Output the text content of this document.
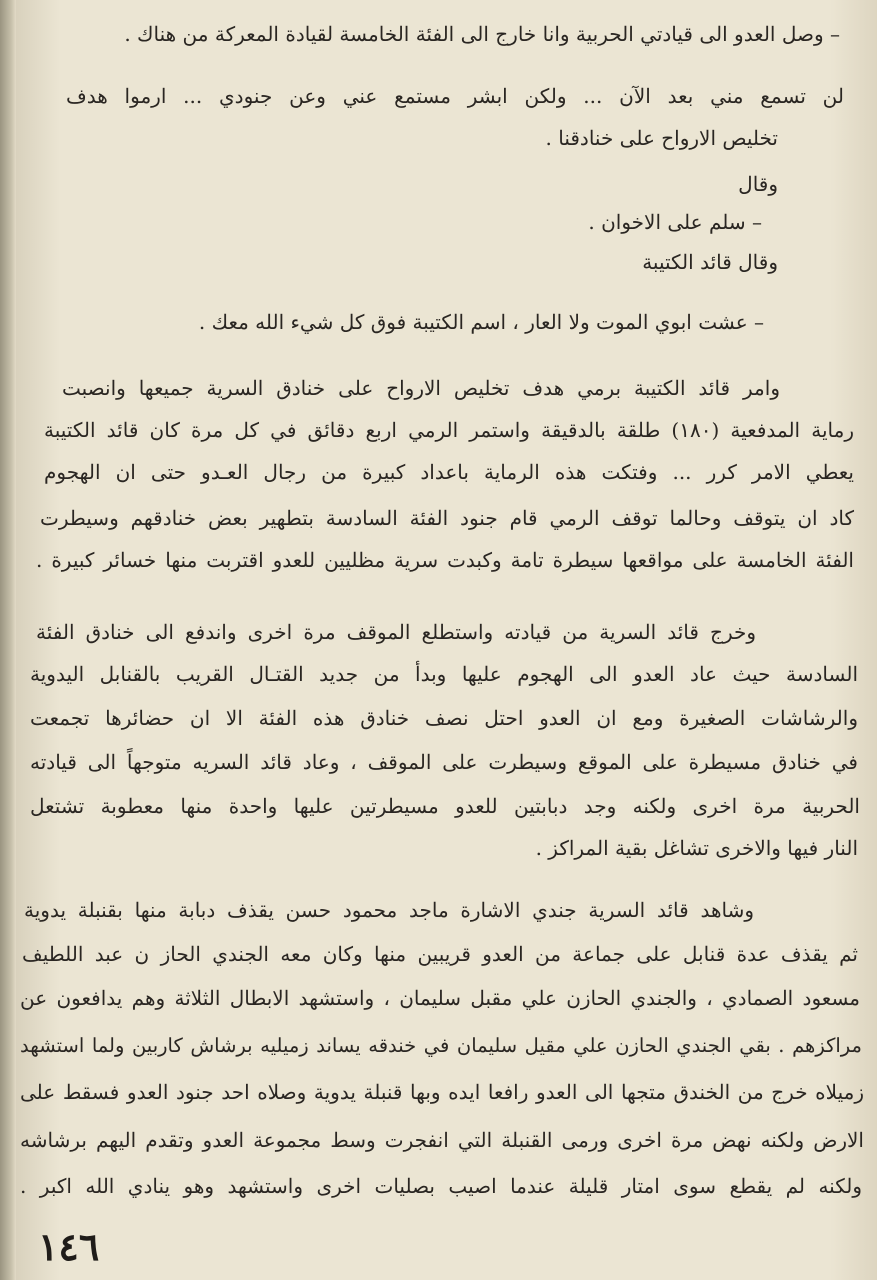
– وصل العدو الى قيادتي الحربية وانا خارج الى الفئة الخامسة لقيادة المعركة من هناك .
لن تسمع مني بعد الآن ... ولكن ابشر مستمع عني وعن جنودي ... ارموا هدف
تخليص الارواح على خنادقنا .
وقال
– سلم على الاخوان .
وقال قائد الكتيبة
– عشت ابوي الموت ولا العار ، اسم الكتيبة فوق كل شيء الله معك .
وامر قائد الكتيبة برمي هدف تخليص الارواح على خنادق السرية جميعها وانصبت
رماية المدفعية (١٨٠) طلقة بالدقيقة واستمر الرمي اربع دقائق في كل مرة كان قائد الكتيبة
يعطي الامر كرر ... وفتكت هذه الرماية باعداد كبيرة من رجال العـدو حتى ان الهجوم
كاد ان يتوقف وحالما توقف الرمي قام جنود الفئة السادسة بتطهير بعض خنادقهم وسيطرت
الفئة الخامسة على مواقعها سيطرة تامة وكبدت سرية مظليين للعدو اقتربت منها خسائر كبيرة .
وخرج قائد السرية من قيادته واستطلع الموقف مرة اخرى واندفع الى خنادق الفئة
السادسة حيث عاد العدو الى الهجوم عليها وبدأ من جديد القتـال القريب بالقنابل اليدوية
والرشاشات الصغيرة ومع ان العدو احتل نصف خنادق هذه الفئة الا ان حضائرها تجمعت
في خنادق مسيطرة على الموقع وسيطرت على الموقف ، وعاد قائد السريه متوجهاً الى قيادته
الحربية مرة اخرى ولكنه وجد دبابتين للعدو مسيطرتين عليها واحدة منها معطوبة تشتعل
النار فيها والاخرى تشاغل بقية المراكز .
وشاهد قائد السرية جندي الاشارة ماجد محمود حسن يقذف دبابة منها بقنبلة يدوية
ثم يقذف عدة قنابل على جماعة من العدو قريبين منها وكان معه الجندي الحاز ن عبد اللطيف
مسعود الصمادي ، والجندي الحازن علي مقبل سليمان ، واستشهد الابطال الثلاثة وهم يدافعون عن
مراكزهم . بقي الجندي الحازن علي مقيل سليمان في خندقه يساند زميليه برشاش كاربين ولما استشهد
زميلاه خرج من الخندق متجها الى العدو رافعا ايده وبها قنبلة يدوية وصلاه احد جنود العدو فسقط على
الارض ولكنه نهض مرة اخرى ورمى القنبلة التي انفجرت وسط مجموعة العدو وتقدم اليهم برشاشه
ولكنه لم يقطع سوى امتار قليلة عندما اصيب بصليات اخرى واستشهد وهو ينادي الله اكبر .
١٤٦
